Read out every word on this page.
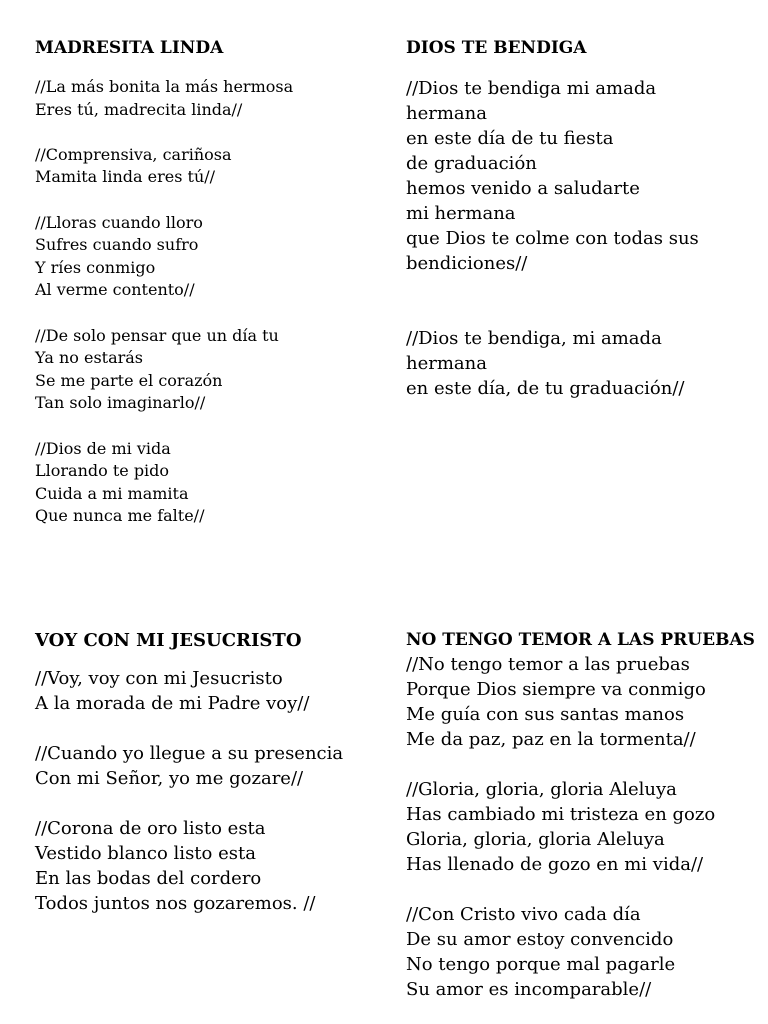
MADRESITA LINDA
//La más bonita la más hermosa
Eres tú, madrecita linda//
//Comprensiva, cariñosa
Mamita linda eres tú//
//Lloras cuando lloro
Sufres cuando sufro
Y ríes conmigo
Al verme contento//
//De solo pensar que un día tu
Ya no estarás
Se me parte el corazón
Tan solo imaginarlo//
//Dios de mi vida
Llorando te pido
Cuida a mi mamita
Que nunca me falte//
DIOS TE BENDIGA
//Dios te bendiga mi amada
hermana
en este día de tu fiesta
de graduación
hemos venido a saludarte
mi hermana
que Dios te colme con todas sus
bendiciones//
//Dios te bendiga, mi amada
hermana
en este día, de tu graduación//
VOY CON MI JESUCRISTO
//Voy, voy con mi Jesucristo
A la morada de mi Padre voy//
//Cuando yo llegue a su presencia
Con mi Señor, yo me gozare//
//Corona de oro listo esta
Vestido blanco listo esta
En las bodas del cordero
Todos juntos nos gozaremos. //
NO TENGO TEMOR A LAS PRUEBAS
//No tengo temor a las pruebas
Porque Dios siempre va conmigo
Me guía con sus santas manos
Me da paz, paz en la tormenta//
//Gloria, gloria, gloria Aleluya
Has cambiado mi tristeza en gozo
Gloria, gloria, gloria Aleluya
Has llenado de gozo en mi vida//
//Con Cristo vivo cada día
De su amor estoy convencido
No tengo porque mal pagarle
Su amor es incomparable//
